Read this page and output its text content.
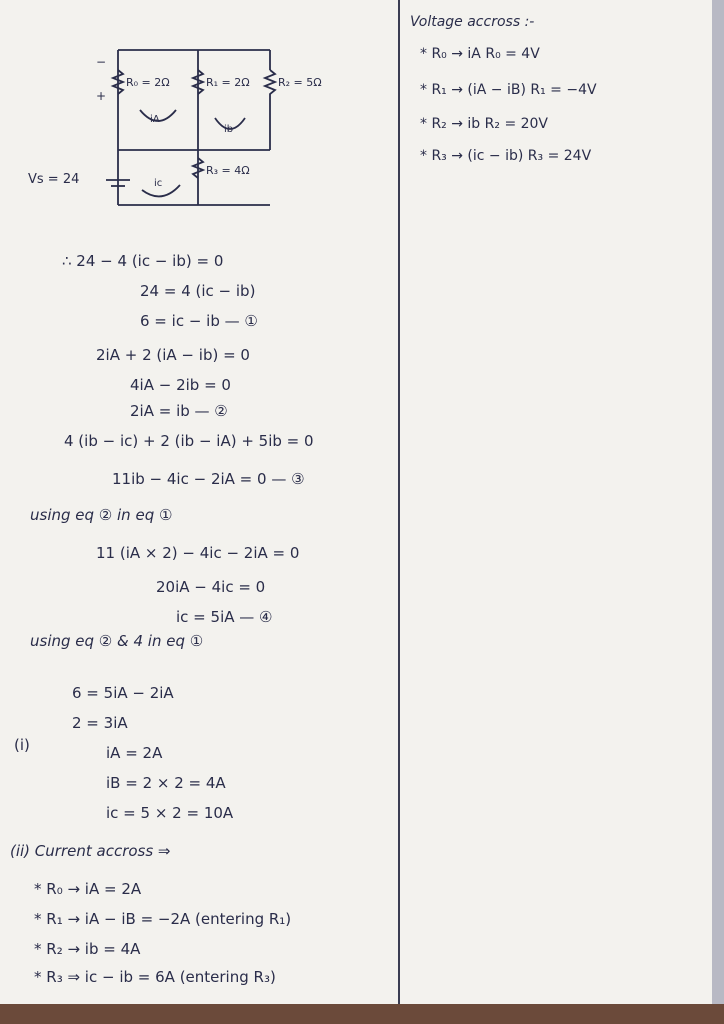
R₀ = 2Ω	R₁ = 2Ω	R₂ = 5Ω
R₃ = 4Ω
iA
ib
ic
+
−
Vs = 24
Voltage accross :-
* R₀ → iA R₀ = 4V
* R₁ → (iA − iB) R₁ = −4V
* R₂ → ib R₂ = 20V
* R₃ → (ic − ib) R₃ = 24V
∴ 24 − 4 (ic − ib) = 0
24 = 4 (ic − ib)
6 = ic − ib — ①
2iA + 2 (iA − ib) = 0
4iA − 2ib = 0
2iA = ib — ②
4 (ib − ic) + 2 (ib − iA) + 5ib = 0
11ib − 4ic − 2iA = 0 — ③
using eq ② in eq ①
11 (iA × 2) − 4ic − 2iA = 0
20iA − 4ic = 0
ic = 5iA — ④
using eq ② & 4 in eq ①
6 = 5iA − 2iA
2 = 3iA
(i)	iA = 2A
iB = 2 × 2 = 4A
ic = 5 × 2 = 10A
(ii) Current accross ⇒
* R₀ → iA = 2A
* R₁ → iA − iB = −2A (entering R₁)
* R₂ → ib = 4A
* R₃ ⇒ ic − ib = 6A (entering R₃)
